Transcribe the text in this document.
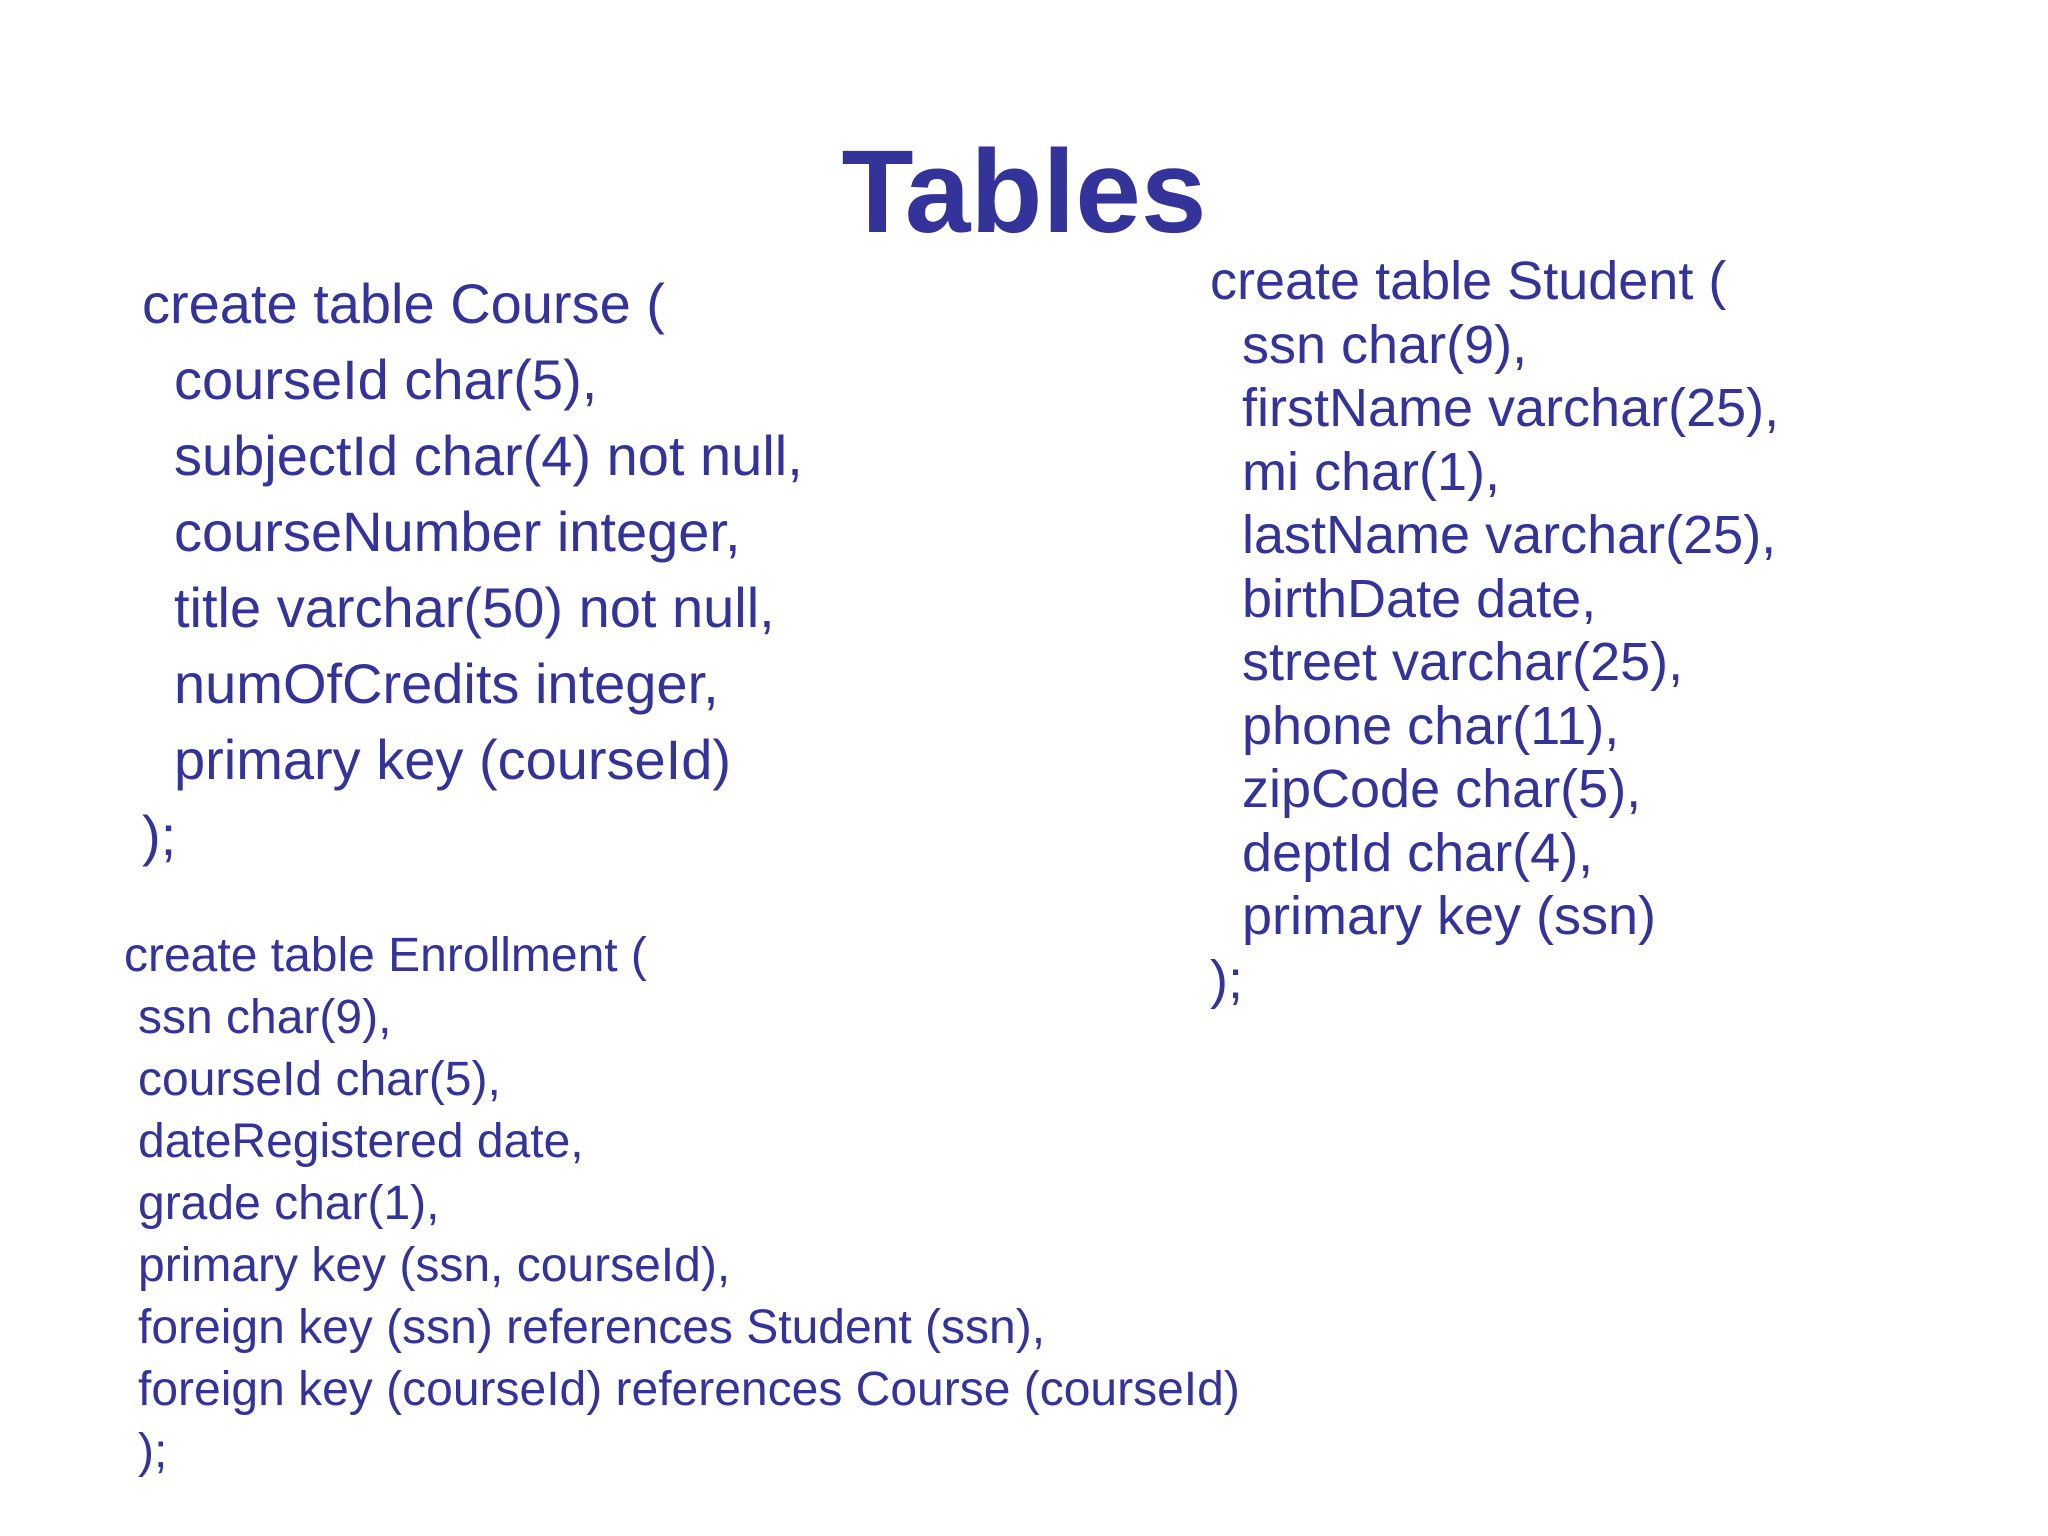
Tables
create table Course (
courseId char(5),
subjectId char(4) not null,
courseNumber integer,
title varchar(50) not null,
numOfCredits integer,
primary key (courseId)
);
create table Student (
ssn char(9),
firstName varchar(25),
mi char(1),
lastName varchar(25),
birthDate date,
street varchar(25),
phone char(11),
zipCode char(5),
deptId char(4),
primary key (ssn)
);
create table Enrollment (
ssn char(9),
courseId char(5),
dateRegistered date,
grade char(1),
primary key (ssn, courseId),
foreign key (ssn) references Student (ssn),
foreign key (courseId) references Course (courseId)
);
